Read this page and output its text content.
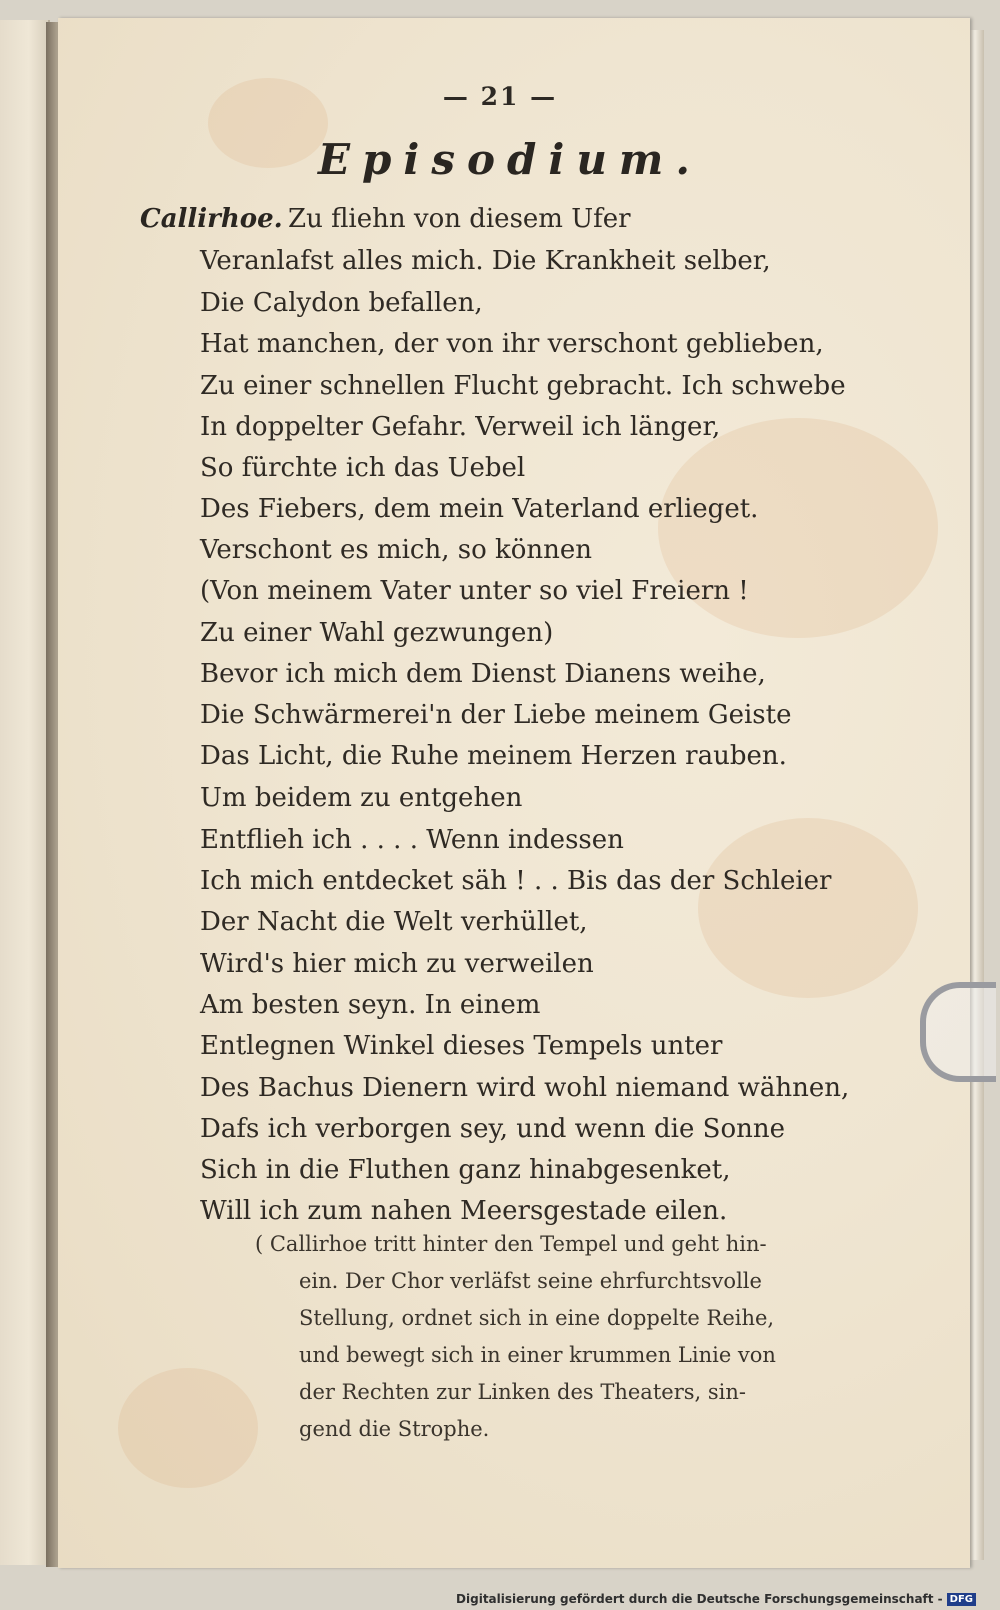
— 21 —
Episodium.
Callirhoe. Zu fliehn von diesem Ufer
Veranlafst alles mich. Die Krankheit selber,
Die Calydon befallen,
Hat manchen, der von ihr verschont geblieben,
Zu einer schnellen Flucht gebracht. Ich schwebe
In doppelter Gefahr. Verweil ich länger,
So fürchte ich das Uebel
Des Fiebers, dem mein Vaterland erlieget.
Verschont es mich, so können
(Von meinem Vater unter so viel Freiern !
Zu einer Wahl gezwungen)
Bevor ich mich dem Dienst Dianens weihe,
Die Schwärmerei'n der Liebe meinem Geiste
Das Licht, die Ruhe meinem Herzen rauben.
Um beidem zu entgehen
Entflieh ich . . . . Wenn indessen
Ich mich entdecket säh ! . . Bis das der Schleier
Der Nacht die Welt verhüllet,
Wird's hier mich zu verweilen
Am besten seyn. In einem
Entlegnen Winkel dieses Tempels unter
Des Bachus Dienern wird wohl niemand wähnen,
Dafs ich verborgen sey, und wenn die Sonne
Sich in die Fluthen ganz hinabgesenket,
Will ich zum nahen Meersgestade eilen.
( Callirhoe tritt hinter den Tempel und geht hin-
ein. Der Chor verläfst seine ehrfurchtsvolle
Stellung, ordnet sich in eine doppelte Reihe,
und bewegt sich in einer krummen Linie von
der Rechten zur Linken des Theaters, sin-
gend die Strophe.
Digitalisierung gefördert durch die Deutsche Forschungsgemeinschaft - DFG
